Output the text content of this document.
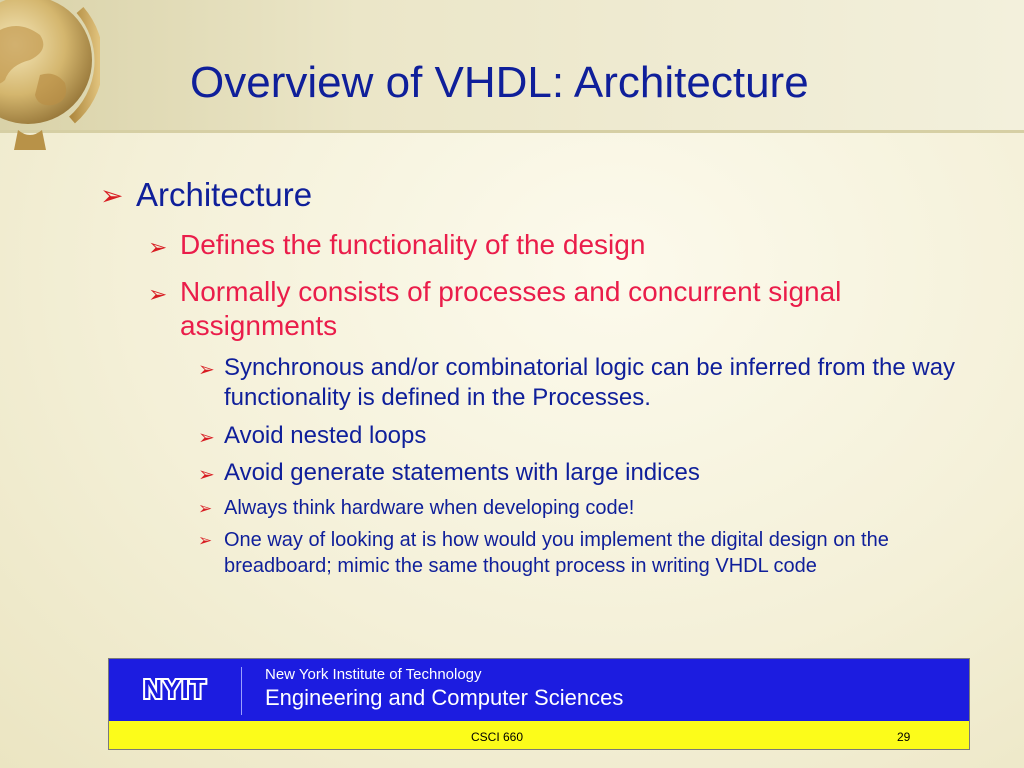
Overview of VHDL: Architecture
➢ Architecture
➢ Defines the functionality of the design
➢ Normally consists of processes and concurrent signal assignments
➢ Synchronous and/or combinatorial logic can be inferred from the way functionality is defined in the Processes.
➢ Avoid nested loops
➢ Avoid generate statements with large indices
➢ Always think hardware when developing code!
➢ One way of looking at is how would you implement the digital design on the breadboard; mimic the same thought process in writing VHDL code
NYIT	New York Institute of Technology
Engineering and Computer Sciences
CSCI 660	29
